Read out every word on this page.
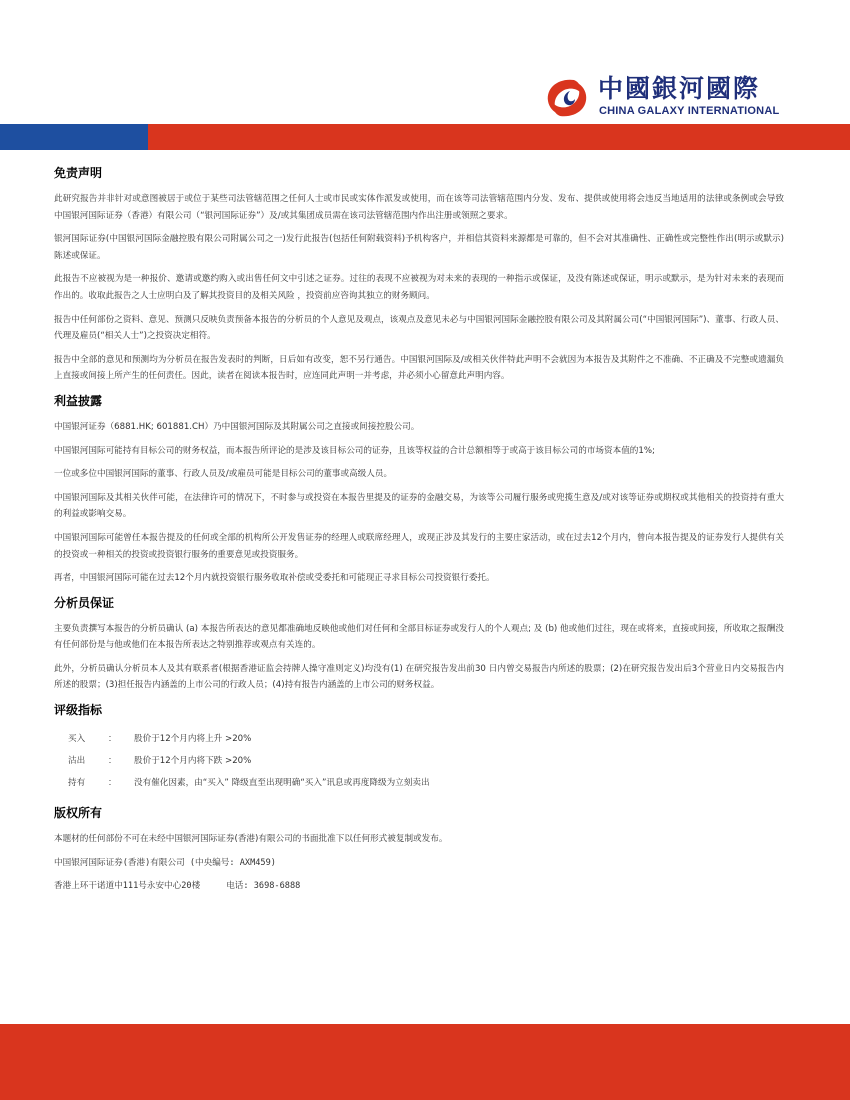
中國銀河國際
CHINA GALAXY INTERNATIONAL
免责声明

此研究报告并非针对或意图被居于或位于某些司法管辖范围之任何人士或市民或实体作派发或使用，而在该等司法管辖范围内分发、发布、提供或使用将会违反当地适用的法律或条例或会导致中国银河国际证券（香港）有限公司（“银河国际证券”）及/或其集团成员需在该司法管辖范围内作出注册或领照之要求。

银河国际证券(中国银河国际金融控股有限公司附属公司之一)发行此报告(包括任何附载资料)予机构客户，并相信其资料来源都是可靠的，但不会对其准确性、正确性或完整性作出(明示或默示)陈述或保证。

此报告不应被视为是一种报价、邀请或邀约购入或出售任何文中引述之证券。过往的表现不应被视为对未来的表现的一种指示或保证，及没有陈述或保证，明示或默示，是为针对未来的表现而作出的。收取此报告之人士应明白及了解其投资目的及相关风险 ，投资前应咨询其独立的财务顾问。

报告中任何部份之资料、意见、预测只反映负责预备本报告的分析员的个人意见及观点，该观点及意见未必与中国银河国际金融控股有限公司及其附属公司(“中国银河国际”)、董事、行政人员、代理及雇员(“相关人士”)之投资决定相符。

报告中全部的意见和预测均为分析员在报告发表时的判断，日后如有改变，恕不另行通告。中国银河国际及/或相关伙伴特此声明不会就因为本报告及其附件之不准确、不正确及不完整或遗漏负上直接或间接上所产生的任何责任。因此，读者在阅读本报告时，应连同此声明一并考虑，并必须小心留意此声明内容。

利益披露

中国银河证券（6881.HK; 601881.CH）乃中国银河国际及其附属公司之直接或间接控股公司。

中国银河国际可能持有目标公司的财务权益，而本报告所评论的是涉及该目标公司的证券，且该等权益的合计总额相等于或高于该目标公司的市场资本值的1%;

一位或多位中国银河国际的董事、行政人员及/或雇员可能是目标公司的董事或高级人员。

中国银河国际及其相关伙伴可能，在法律许可的情况下，不时参与或投资在本报告里提及的证券的金融交易，为该等公司履行服务或兜揽生意及/或对该等证券或期权或其他相关的投资持有重大的利益或影响交易。

中国银河国际可能曾任本报告提及的任何或全部的机构所公开发售证券的经理人或联席经理人，或现正涉及其发行的主要庄家活动，或在过去12个月内，曾向本报告提及的证券发行人提供有关的投资或一种相关的投资或投资银行服务的重要意见或投资服务。

再者，中国银河国际可能在过去12个月内就投资银行服务收取补偿或受委托和可能现正寻求目标公司投资银行委托。

分析员保证

主要负责撰写本报告的分析员确认 (a) 本报告所表达的意见都准确地反映他或他们对任何和全部目标证券或发行人的个人观点; 及 (b) 他或他们过往，现在或将来，直接或间接，所收取之报酬没有任何部份是与他或他们在本报告所表达之特别推荐或观点有关连的。

此外，分析员确认分析员本人及其有联系者(根据香港证监会持牌人操守准则定义)均没有(1) 在研究报告发出前30 日内曾交易报告内所述的股票；(2)在研究报告发出后3个营业日内交易报告内所述的股票；(3)担任报告内涵盖的上市公司的行政人员；(4)持有报告内涵盖的上市公司的财务权益。

评级指标
买入	：	股价于12个月内将上升 >20%
沽出	：	股价于12个月内将下跌 >20%
持有	：	没有催化因素，由“买入” 降级直至出现明确“买入”讯息或再度降级为立刻卖出
版权所有

本题材的任何部份不可在未经中国银河国际证券(香港)有限公司的书面批准下以任何形式被复制或发布。

中国银河国际证券(香港)有限公司 (中央编号: AXM459)

香港上环干诺道中111号永安中心20楼	电话: 3698-6888
